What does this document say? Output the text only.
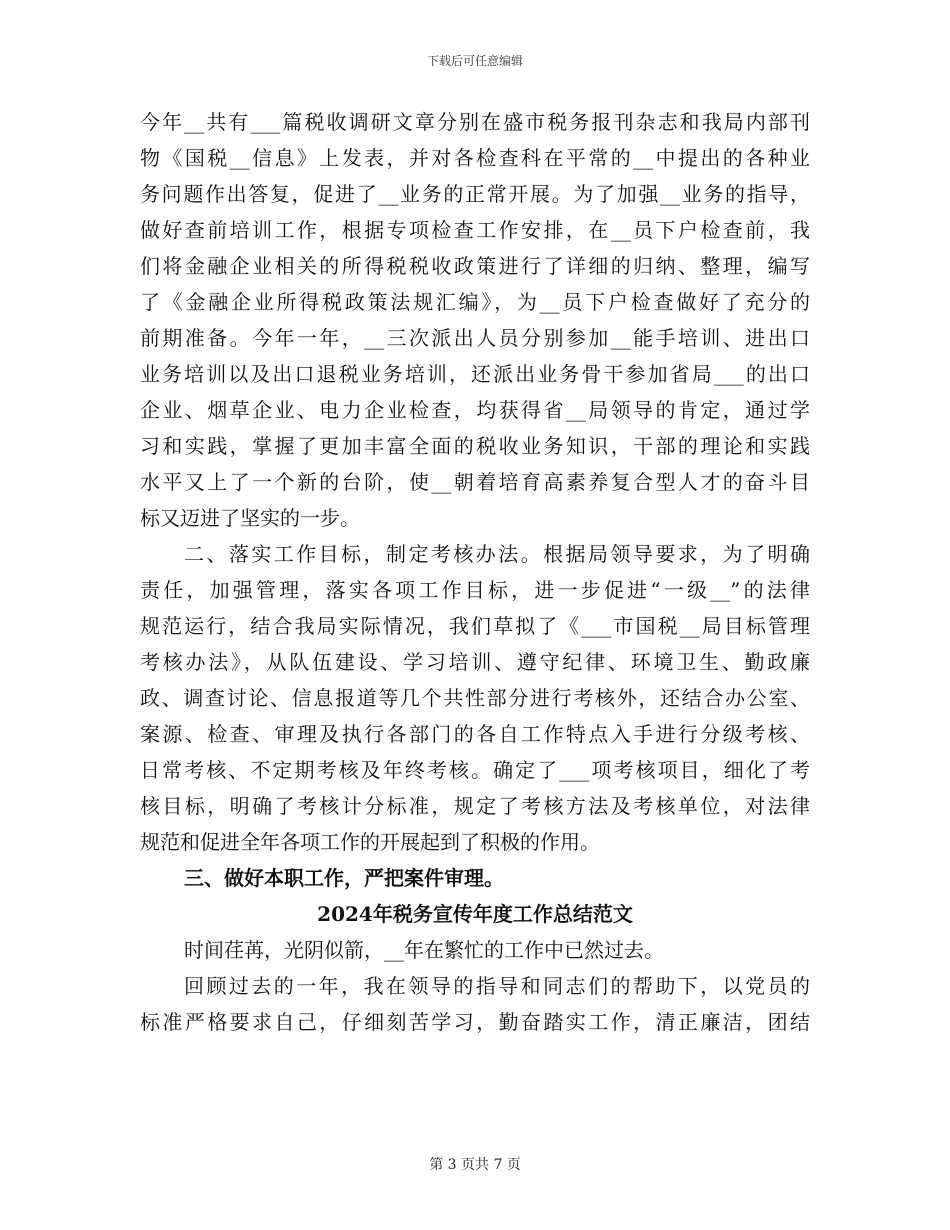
下载后可任意编辑
今年__共有___篇税收调研文章分别在盛市税务报刊杂志和我局内部刊
物《国税__信息》上发表，并对各检查科在平常的__中提出的各种业
务问题作出答复，促进了__业务的正常开展。为了加强__业务的指导，
做好查前培训工作，根据专项检查工作安排，在__员下户检查前，我
们将金融企业相关的所得税税收政策进行了详细的归纳、整理，编写
了《金融企业所得税政策法规汇编》，为__员下户检查做好了充分的
前期准备。今年一年，__三次派出人员分别参加__能手培训、进出口
业务培训以及出口退税业务培训，还派出业务骨干参加省局___的出口
企业、烟草企业、电力企业检查，均获得省__局领导的肯定，通过学
习和实践，掌握了更加丰富全面的税收业务知识，干部的理论和实践
水平又上了一个新的台阶，使__朝着培育高素养复合型人才的奋斗目
标又迈进了坚实的一步。
二、落实工作目标，制定考核办法。根据局领导要求，为了明确
责任，加强管理，落实各项工作目标，进一步促进“一级__”的法律
规范运行，结合我局实际情况，我们草拟了《___市国税__局目标管理
考核办法》，从队伍建设、学习培训、遵守纪律、环境卫生、勤政廉
政、调查讨论、信息报道等几个共性部分进行考核外，还结合办公室、
案源、检查、审理及执行各部门的各自工作特点入手进行分级考核、
日常考核、不定期考核及年终考核。确定了___项考核项目，细化了考
核目标，明确了考核计分标准，规定了考核方法及考核单位，对法律
规范和促进全年各项工作的开展起到了积极的作用。
三、做好本职工作，严把案件审理。
2024年税务宣传年度工作总结范文
时间荏苒，光阴似箭，__年在繁忙的工作中已然过去。
回顾过去的一年，我在领导的指导和同志们的帮助下，以党员的
标准严格要求自己，仔细刻苦学习，勤奋踏实工作，清正廉洁，团结
第 3 页共 7 页
